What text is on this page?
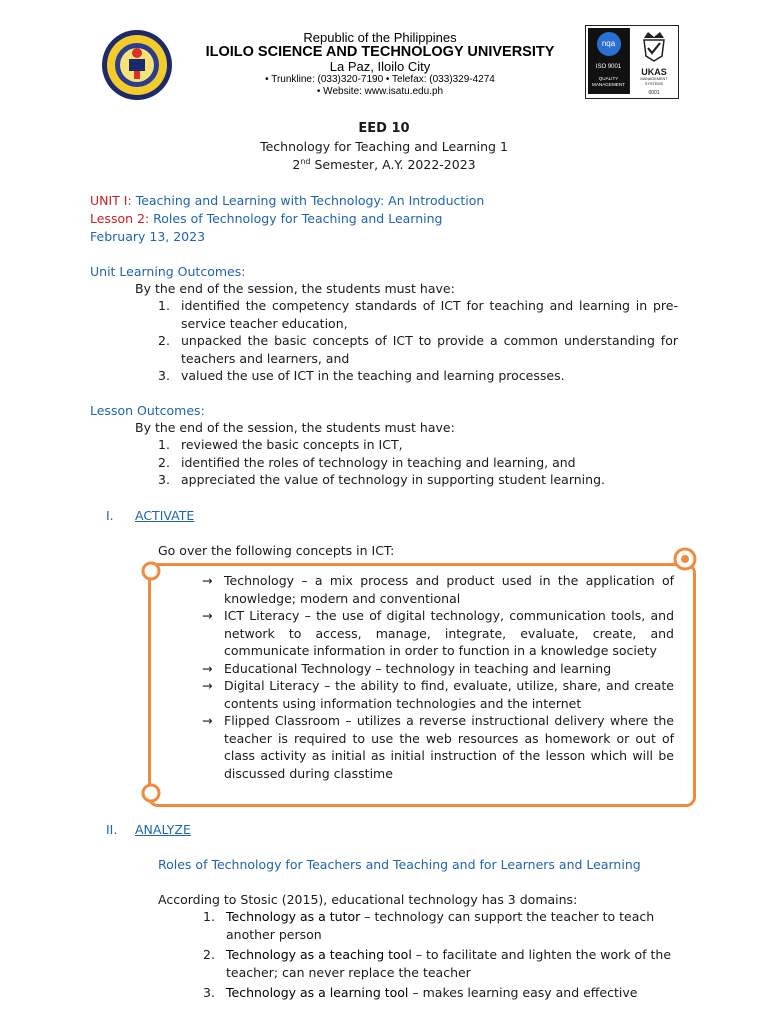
Republic of the Philippines
ILOILO SCIENCE AND TECHNOLOGY UNIVERSITY
La Paz, Iloilo City
• Trunkline: (033)320-7190 • Telefax: (033)329-4274
• Website: www.isatu.edu.ph
nqa
ISO 9001
QUALITY MANAGEMENT
UKAS
MANAGEMENT SYSTEMS
0001
EED 10
Technology for Teaching and Learning 1
2nd Semester, A.Y. 2022-2023
UNIT I: Teaching and Learning with Technology: An Introduction
Lesson 2: Roles of Technology for Teaching and Learning
February 13, 2023
Unit Learning Outcomes:
By the end of the session, the students must have:
1. identified the competency standards of ICT for teaching and learning in pre-service teacher education,
2. unpacked the basic concepts of ICT to provide a common understanding for teachers and learners, and
3. valued the use of ICT in the teaching and learning processes.
Lesson Outcomes:
By the end of the session, the students must have:
1. reviewed the basic concepts in ICT,
2. identified the roles of technology in teaching and learning, and
3. appreciated the value of technology in supporting student learning.
I. ACTIVATE
Go over the following concepts in ICT:
→ Technology – a mix process and product used in the application of knowledge; modern and conventional
→ ICT Literacy – the use of digital technology, communication tools, and network to access, manage, integrate, evaluate, create, and communicate information in order to function in a knowledge society
→ Educational Technology – technology in teaching and learning
→ Digital Literacy – the ability to find, evaluate, utilize, share, and create contents using information technologies and the internet
→ Flipped Classroom – utilizes a reverse instructional delivery where the teacher is required to use the web resources as homework or out of class activity as initial as initial instruction of the lesson which will be discussed during classtime
II. ANALYZE
Roles of Technology for Teachers and Teaching and for Learners and Learning
According to Stosic (2015), educational technology has 3 domains:
1. Technology as a tutor – technology can support the teacher to teach another person
2. Technology as a teaching tool – to facilitate and lighten the work of the teacher; can never replace the teacher
3. Technology as a learning tool – makes learning easy and effective
